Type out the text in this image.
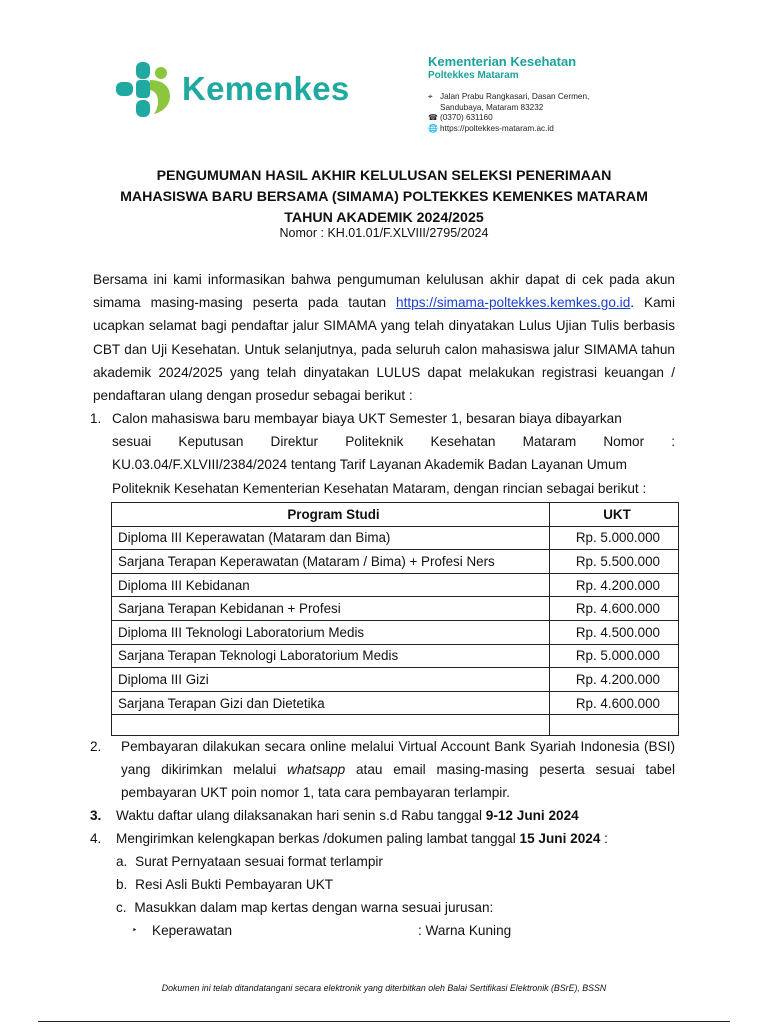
Kemenkes
Kementerian Kesehatan
Poltekkes Mataram
⌖ Jalan Prabu Rangkasari, Dasan Cermen,
Sandubaya, Mataram 83232
☎ (0370) 631160
🌐 https://poltekkes-mataram.ac.id
PENGUMUMAN HASIL AKHIR KELULUSAN SELEKSI PENERIMAAN
MAHASISWA BARU BERSAMA (SIMAMA) POLTEKKES KEMENKES MATARAM
TAHUN AKADEMIK 2024/2025
Nomor : KH.01.01/F.XLVIII/2795/2024
Bersama ini kami informasikan bahwa pengumuman kelulusan akhir dapat di cek pada akun simama masing-masing peserta pada tautan https://simama-poltekkes.kemkes.go.id. Kami ucapkan selamat bagi pendaftar jalur SIMAMA yang telah dinyatakan Lulus Ujian Tulis berbasis CBT dan Uji Kesehatan. Untuk selanjutnya, pada seluruh calon mahasiswa jalur SIMAMA tahun akademik 2024/2025 yang telah dinyatakan LULUS dapat melakukan registrasi keuangan / pendaftaran ulang dengan prosedur sebagai berikut :
1. Calon mahasiswa baru membayar biaya UKT Semester 1, besaran biaya dibayarkan
sesuai Keputusan Direktur Politeknik Kesehatan Mataram Nomor :
KU.03.04/F.XLVIII/2384/2024 tentang Tarif Layanan Akademik Badan Layanan Umum
Politeknik Kesehatan Kementerian Kesehatan Mataram, dengan rincian sebagai berikut :
Program Studi	UKT
Diploma III Keperawatan (Mataram dan Bima)	Rp. 5.000.000
Sarjana Terapan Keperawatan (Mataram / Bima) + Profesi Ners	Rp. 5.500.000
Diploma III Kebidanan	Rp. 4.200.000
Sarjana Terapan Kebidanan + Profesi	Rp. 4.600.000
Diploma III Teknologi Laboratorium Medis	Rp. 4.500.000
Sarjana Terapan Teknologi Laboratorium Medis	Rp. 5.000.000
Diploma III Gizi	Rp. 4.200.000
Sarjana Terapan Gizi dan Dietetika	Rp. 4.600.000

2. Pembayaran dilakukan secara online melalui Virtual Account Bank Syariah Indonesia (BSI) yang dikirimkan melalui whatsapp atau email masing-masing peserta sesuai tabel pembayaran UKT poin nomor 1, tata cara pembayaran terlampir.
3. Waktu daftar ulang dilaksanakan hari senin s.d Rabu tanggal 9-12 Juni 2024
4. Mengirimkan kelengkapan berkas /dokumen paling lambat tanggal 15 Juni 2024 :
a. Surat Pernyataan sesuai format terlampir
b. Resi Asli Bukti Pembayaran UKT
c. Masukkan dalam map kertas dengan warna sesuai jurusan:
‣ Keperawatan	: Warna Kuning
Dokumen ini telah ditandatangani secara elektronik yang diterbitkan oleh Balai Sertifikasi Elektronik (BSrE), BSSN
